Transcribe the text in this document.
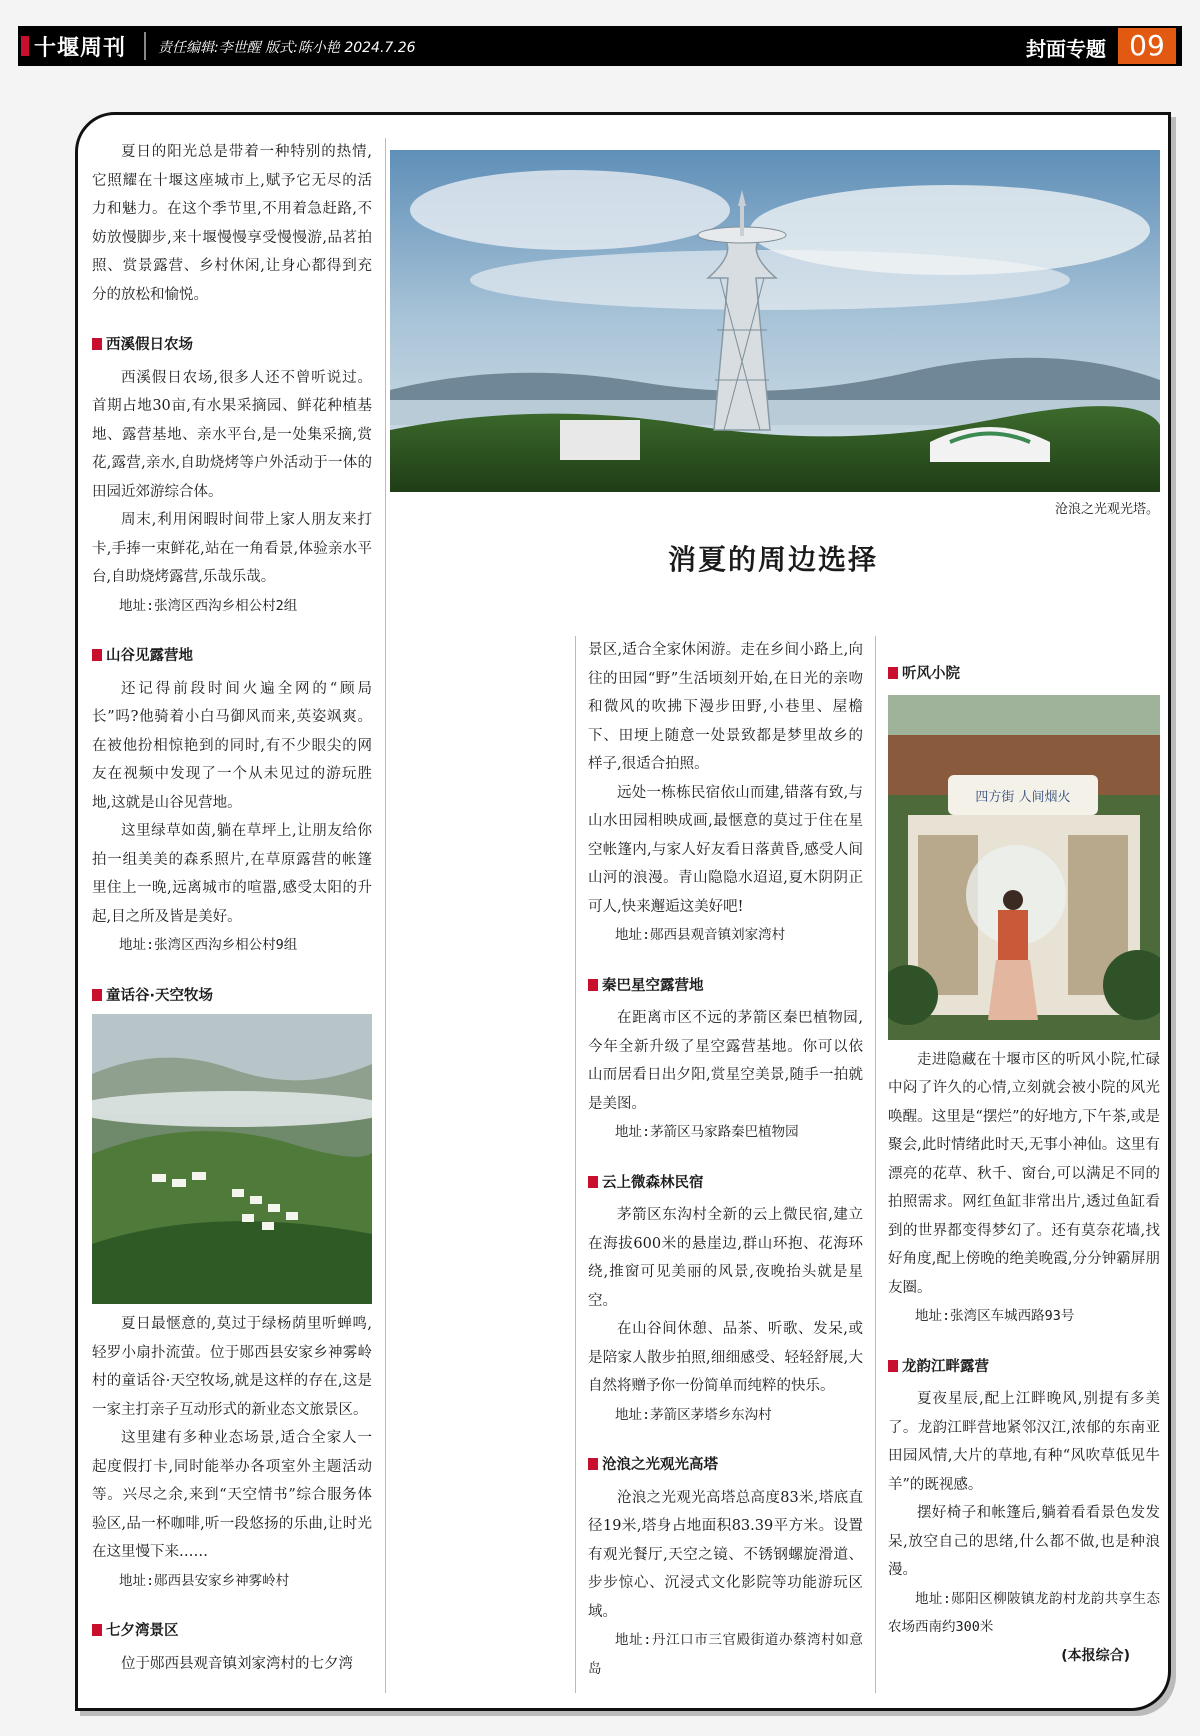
十堰周刊 责任编辑:李世醒 版式:陈小艳 2024.7.26	封面专题 09
沧浪之光观光塔。
消夏的周边选择

夏日的阳光总是带着一种特别的热情,它照耀在十堰这座城市上,赋予它无尽的活力和魅力。在这个季节里,不用着急赶路,不妨放慢脚步,来十堰慢慢享受慢慢游,品茗拍照、赏景露营、乡村休闲,让身心都得到充分的放松和愉悦。

西溪假日农场

西溪假日农场,很多人还不曾听说过。首期占地30亩,有水果采摘园、鲜花种植基地、露营基地、亲水平台,是一处集采摘,赏花,露营,亲水,自助烧烤等户外活动于一体的田园近郊游综合体。

周末,利用闲暇时间带上家人朋友来打卡,手捧一束鲜花,站在一角看景,体验亲水平台,自助烧烤露营,乐哉乐哉。

地址:张湾区西沟乡相公村2组
山谷见露营地

还记得前段时间火遍全网的“顾局长”吗?他骑着小白马御风而来,英姿飒爽。在被他扮相惊艳到的同时,有不少眼尖的网友在视频中发现了一个从未见过的游玩胜地,这就是山谷见营地。

这里绿草如茵,躺在草坪上,让朋友给你拍一组美美的森系照片,在草原露营的帐篷里住上一晚,远离城市的喧嚣,感受太阳的升起,目之所及皆是美好。

地址:张湾区西沟乡相公村9组
童话谷·天空牧场

夏日最惬意的,莫过于绿杨荫里听蝉鸣,轻罗小扇扑流萤。位于郧西县安家乡神雾岭村的童话谷·天空牧场,就是这样的存在,这是一家主打亲子互动形式的新业态文旅景区。

这里建有多种业态场景,适合全家人一起度假打卡,同时能举办各项室外主题活动等。兴尽之余,来到“天空情书”综合服务体验区,品一杯咖啡,听一段悠扬的乐曲,让时光在这里慢下来……

地址:郧西县安家乡神雾岭村
七夕湾景区

位于郧西县观音镇刘家湾村的七夕湾

景区,适合全家休闲游。走在乡间小路上,向往的田园“野”生活顷刻开始,在日光的亲吻和微风的吹拂下漫步田野,小巷里、屋檐下、田埂上随意一处景致都是梦里故乡的样子,很适合拍照。

远处一栋栋民宿依山而建,错落有致,与山水田园相映成画,最惬意的莫过于住在星空帐篷内,与家人好友看日落黄昏,感受人间山河的浪漫。青山隐隐水迢迢,夏木阴阴正可人,快来邂逅这美好吧!

地址:郧西县观音镇刘家湾村
秦巴星空露营地

在距离市区不远的茅箭区秦巴植物园,今年全新升级了星空露营基地。你可以依山而居看日出夕阳,赏星空美景,随手一拍就是美图。

地址:茅箭区马家路秦巴植物园
云上微森林民宿

茅箭区东沟村全新的云上微民宿,建立在海拔600米的悬崖边,群山环抱、花海环绕,推窗可见美丽的风景,夜晚抬头就是星空。

在山谷间休憩、品茶、听歌、发呆,或是陪家人散步拍照,细细感受、轻轻舒展,大自然将赠予你一份简单而纯粹的快乐。

地址:茅箭区茅塔乡东沟村
沧浪之光观光高塔

沧浪之光观光高塔总高度83米,塔底直径19米,塔身占地面积83.39平方米。设置有观光餐厅,天空之镜、不锈钢螺旋滑道、步步惊心、沉浸式文化影院等功能游玩区域。

地址:丹江口市三官殿街道办蔡湾村如意岛
听风小院
四方街 人间烟火

走进隐藏在十堰市区的听风小院,忙碌中闷了许久的心情,立刻就会被小院的风光唤醒。这里是“摆烂”的好地方,下午茶,或是聚会,此时情绪此时天,无事小神仙。这里有漂亮的花草、秋千、窗台,可以满足不同的拍照需求。网红鱼缸非常出片,透过鱼缸看到的世界都变得梦幻了。还有莫奈花墙,找好角度,配上傍晚的绝美晚霞,分分钟霸屏朋友圈。

地址:张湾区车城西路93号
龙韵江畔露营

夏夜星辰,配上江畔晚风,别提有多美了。龙韵江畔营地紧邻汉江,浓郁的东南亚田园风情,大片的草地,有种“风吹草低见牛羊”的既视感。

摆好椅子和帐篷后,躺着看看景色发发呆,放空自己的思绪,什么都不做,也是种浪漫。

地址:郧阳区柳陂镇龙韵村龙韵共享生态农场西南约300米
(本报综合)
